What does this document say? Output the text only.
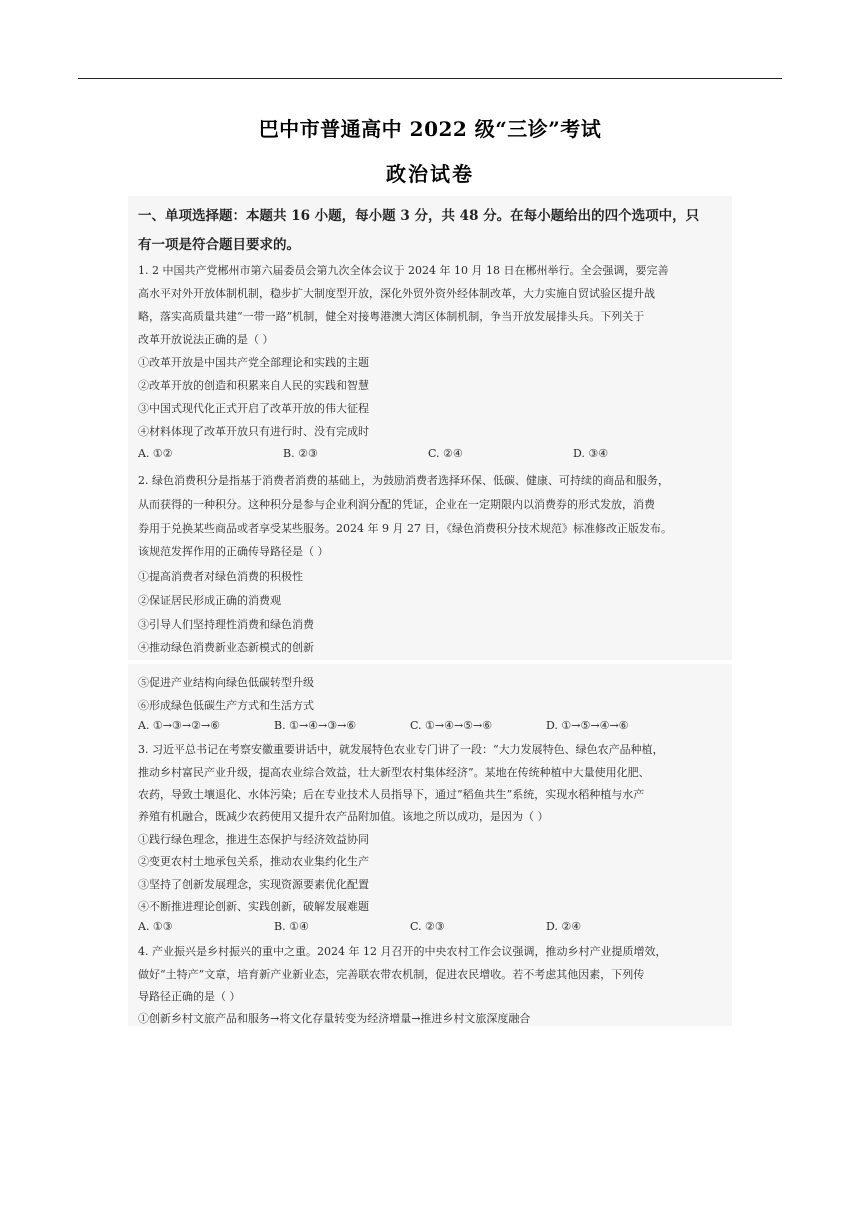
巴中市普通高中 2022 级“三诊”考试
政治试卷
一、单项选择题：本题共 16 小题，每小题 3 分，共 48 分。在每小题给出的四个选项中，只
有一项是符合题目要求的。
1. 2 中国共产党郴州市第六届委员会第九次全体会议于 2024 年 10 月 18 日在郴州举行。全会强调，要完善
高水平对外开放体制机制，稳步扩大制度型开放，深化外贸外资外经体制改革，大力实施自贸试验区提升战
略，落实高质量共建“一带一路”机制，健全对接粤港澳大湾区体制机制，争当开放发展排头兵。下列关于
改革开放说法正确的是（ ）
①改革开放是中国共产党全部理论和实践的主题
②改革开放的创造和积累来自人民的实践和智慧
③中国式现代化正式开启了改革开放的伟大征程
④材料体现了改革开放只有进行时、没有完成时
A. ①②	B. ②③	C. ②④	D. ③④
2. 绿色消费积分是指基于消费者消费的基础上，为鼓励消费者选择环保、低碳、健康、可持续的商品和服务，
从而获得的一种积分。这种积分是参与企业利润分配的凭证，企业在一定期限内以消费券的形式发放，消费
券用于兑换某些商品或者享受某些服务。2024 年 9 月 27 日，《绿色消费积分技术规范》标准修改正版发布。
该规范发挥作用的正确传导路径是（ ）
①提高消费者对绿色消费的积极性
②保证居民形成正确的消费观
③引导人们坚持理性消费和绿色消费
④推动绿色消费新业态新模式的创新
⑤促进产业结构向绿色低碳转型升级
⑥形成绿色低碳生产方式和生活方式
A. ①→③→②→⑥	B. ①→④→③→⑥	C. ①→④→⑤→⑥	D. ①→⑤→④→⑥
3. 习近平总书记在考察安徽重要讲话中，就发展特色农业专门讲了一段：“大力发展特色、绿色农产品种植，
推动乡村富民产业升级，提高农业综合效益，壮大新型农村集体经济”。某地在传统种植中大量使用化肥、
农药，导致土壤退化、水体污染；后在专业技术人员指导下，通过“稻鱼共生”系统，实现水稻种植与水产
养殖有机融合，既减少农药使用又提升农产品附加值。该地之所以成功，是因为（ ）
①践行绿色理念，推进生态保护与经济效益协同
②变更农村土地承包关系，推动农业集约化生产
③坚持了创新发展理念，实现资源要素优化配置
④不断推进理论创新、实践创新，破解发展难题
A. ①③	B. ①④	C. ②③	D. ②④
4. 产业振兴是乡村振兴的重中之重。2024 年 12 月召开的中央农村工作会议强调，推动乡村产业提质增效，
做好“土特产”文章，培育新产业新业态，完善联农带农机制，促进农民增收。若不考虑其他因素，下列传
导路径正确的是（ ）
①创新乡村文旅产品和服务→将文化存量转变为经济增量→推进乡村文旅深度融合
